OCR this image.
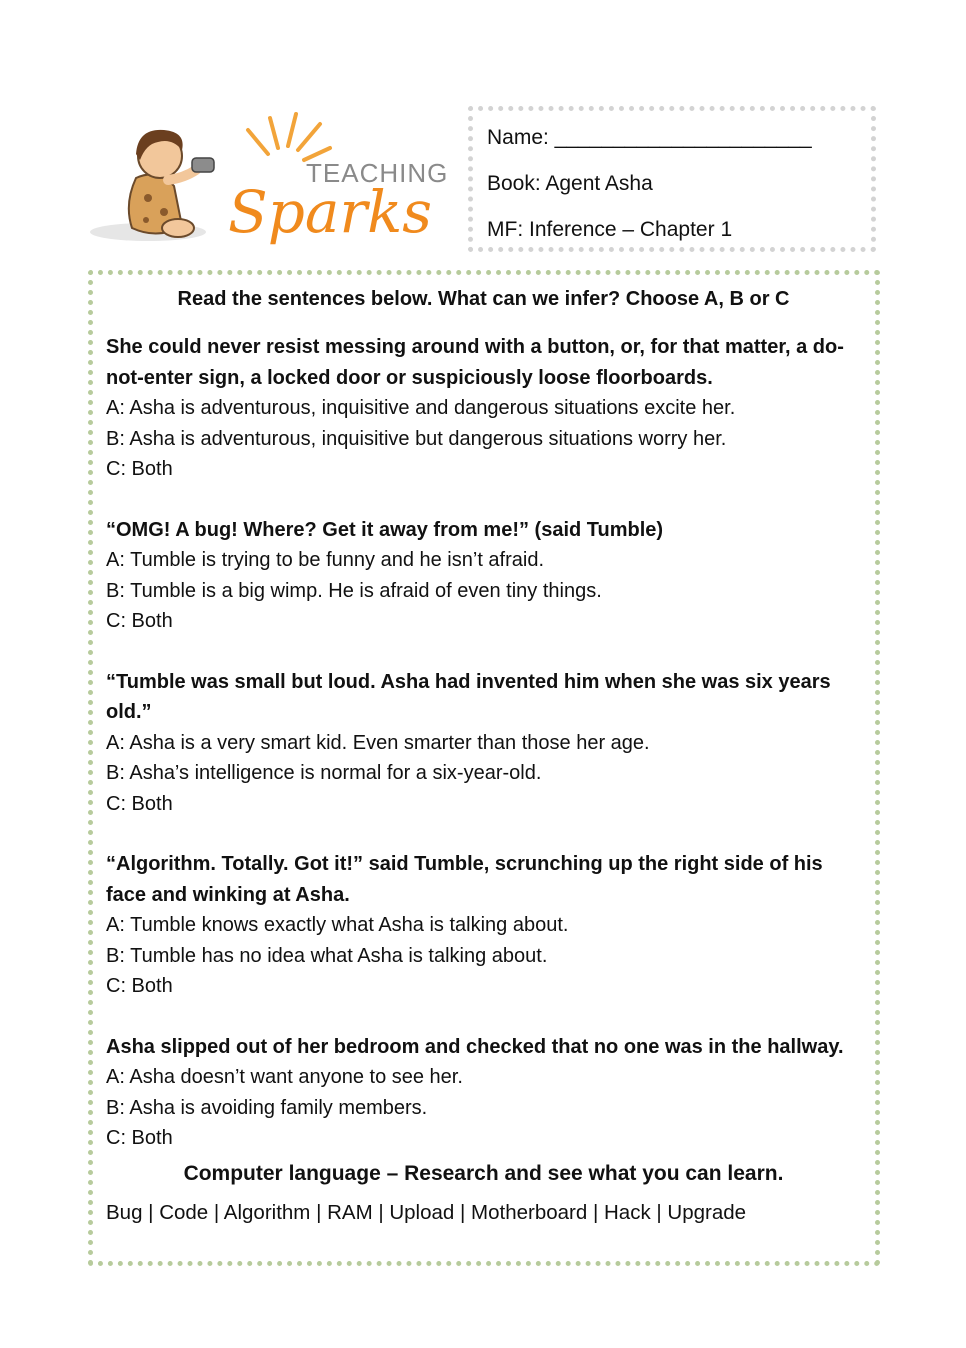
TEACHING
Sparks
Name: ______________________
Book: Agent Asha
MF: Inference – Chapter 1
Read the sentences below. What can we infer? Choose A, B or C
She could never resist messing around with a button, or, for that matter, a do-not-enter sign, a locked door or suspiciously loose floorboards.
A: Asha is adventurous, inquisitive and dangerous situations excite her.
B: Asha is adventurous, inquisitive but dangerous situations worry her.
C: Both
“OMG! A bug! Where? Get it away from me!” (said Tumble)
A: Tumble is trying to be funny and he isn’t afraid.
B: Tumble is a big wimp. He is afraid of even tiny things.
C: Both
“Tumble was small but loud. Asha had invented him when she was six years old.”
A: Asha is a very smart kid. Even smarter than those her age.
B: Asha’s intelligence is normal for a six-year-old.
C: Both
“Algorithm. Totally. Got it!” said Tumble, scrunching up the right side of his face and winking at Asha.
A: Tumble knows exactly what Asha is talking about.
B: Tumble has no idea what Asha is talking about.
C: Both
Asha slipped out of her bedroom and checked that no one was in the hallway.
A: Asha doesn’t want anyone to see her.
B: Asha is avoiding family members.
C: Both
Computer language – Research and see what you can learn.
Bug | Code | Algorithm | RAM | Upload | Motherboard | Hack | Upgrade
